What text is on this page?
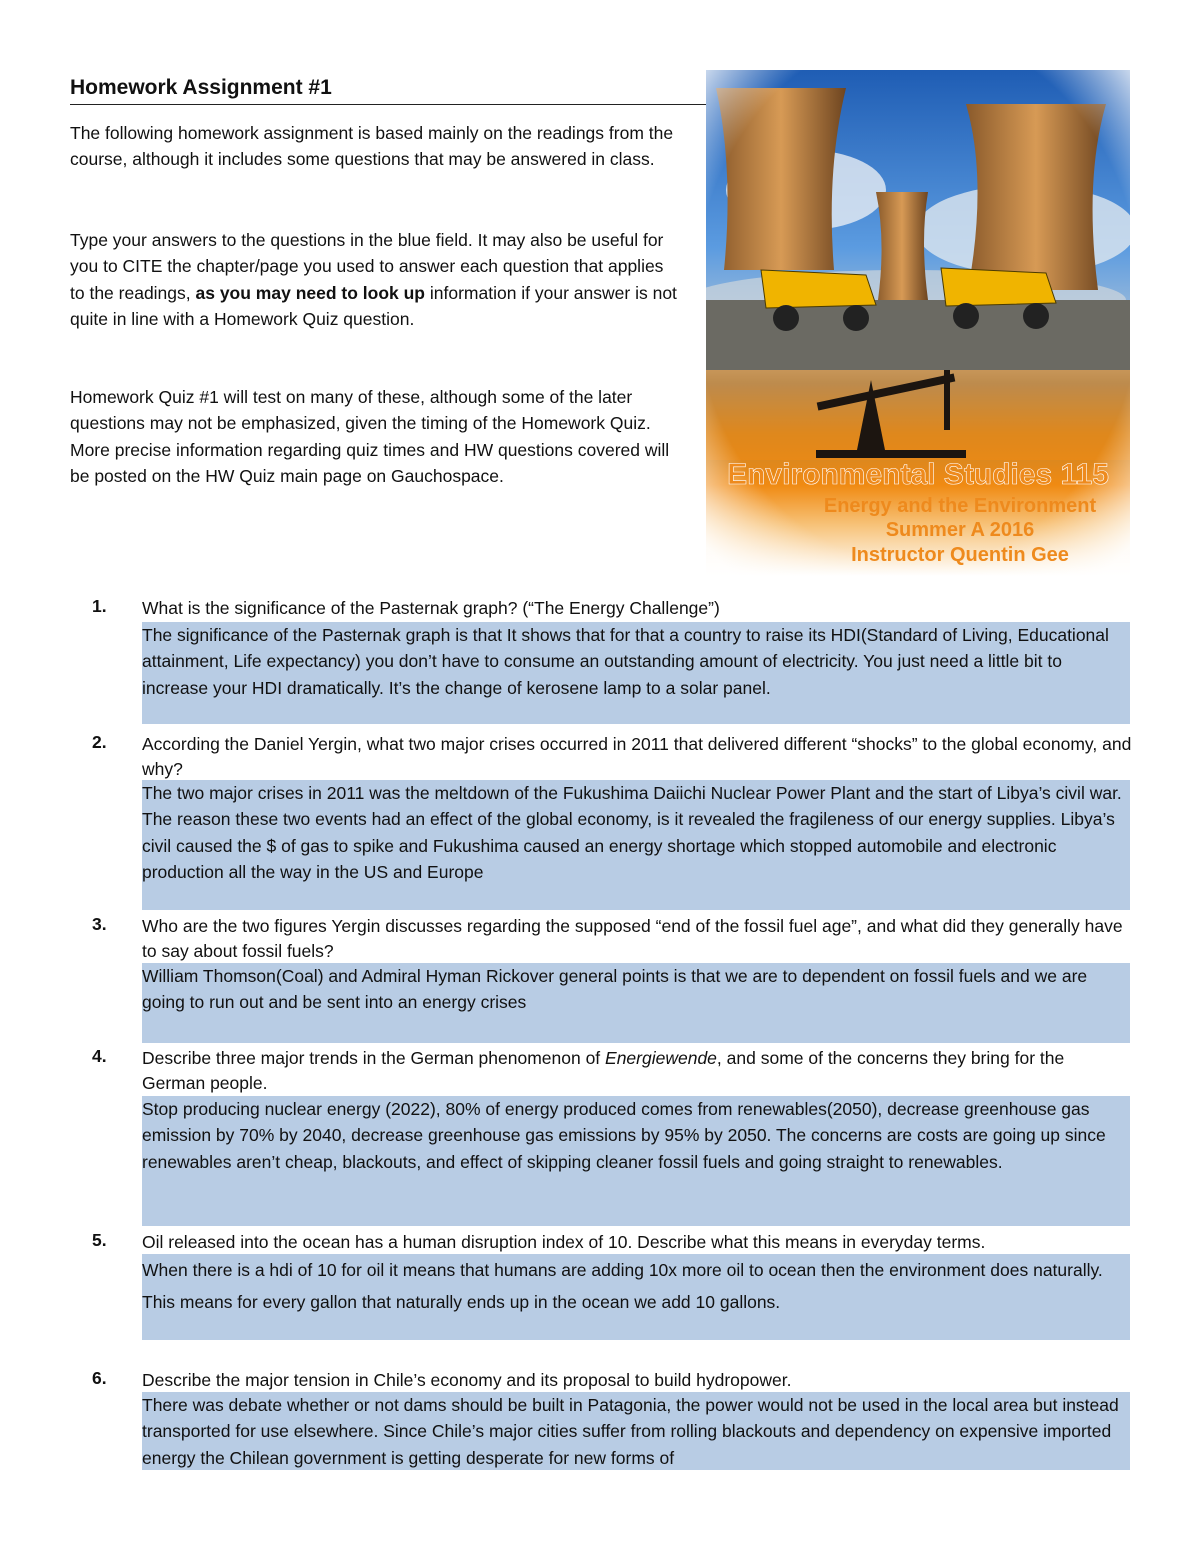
Homework Assignment #1

The following homework assignment is based mainly on the readings from the course, although it includes some questions that may be answered in class.

Type your answers to the questions in the blue field. It may also be useful for you to CITE the chapter/page you used to answer each question that applies to the readings, as you may need to look up information if your answer is not quite in line with a Homework Quiz question.

Homework Quiz #1 will test on many of these, although some of the later questions may not be emphasized, given the timing of the Homework Quiz. More precise information regarding quiz times and HW questions covered will be posted on the HW Quiz main page on Gauchospace.	Environmental Studies 115
Energy and the Environment
Summer A 2016
Instructor Quentin Gee
1. What is the significance of the Pasternak graph? (“The Energy Challenge”)

The significance of the Pasternak graph is that It shows that for that a country to raise its HDI(Standard of Living, Educational attainment, Life expectancy) you don’t have to consume an outstanding amount of electricity. You just need a little bit to increase your HDI dramatically. It’s the change of kerosene lamp to a solar panel.
2. According the Daniel Yergin, what two major crises occurred in 2011 that delivered different “shocks” to the global economy, and why?

The two major crises in 2011 was the meltdown of the Fukushima Daiichi Nuclear Power Plant and the start of Libya’s civil war. The reason these two events had an effect of the global economy, is it revealed the fragileness of our energy supplies. Libya’s civil caused the $ of gas to spike and Fukushima caused an energy shortage which stopped automobile and electronic production all the way in the US and Europe
3. Who are the two figures Yergin discusses regarding the supposed “end of the fossil fuel age”, and what did they generally have to say about fossil fuels?

William Thomson(Coal) and Admiral Hyman Rickover general points is that we are to dependent on fossil fuels and we are going to run out and be sent into an energy crises
4. Describe three major trends in the German phenomenon of Energiewende, and some of the concerns they bring for the German people.

Stop producing nuclear energy (2022), 80% of energy produced comes from renewables(2050), decrease greenhouse gas emission by 70% by 2040, decrease greenhouse gas emissions by 95% by 2050. The concerns are costs are going up since renewables aren’t cheap, blackouts, and effect of skipping cleaner fossil fuels and going straight to renewables.
5. Oil released into the ocean has a human disruption index of 10. Describe what this means in everyday terms.

When there is a hdi of 10 for oil it means that humans are adding 10x more oil to ocean then the environment does naturally. This means for every gallon that naturally ends up in the ocean we add 10 gallons.
6. Describe the major tension in Chile’s economy and its proposal to build hydropower.

There was debate whether or not dams should be built in Patagonia, the power would not be used in the local area but instead transported for use elsewhere. Since Chile’s major cities suffer from rolling blackouts and dependency on expensive imported energy the Chilean government is getting desperate for new forms of
